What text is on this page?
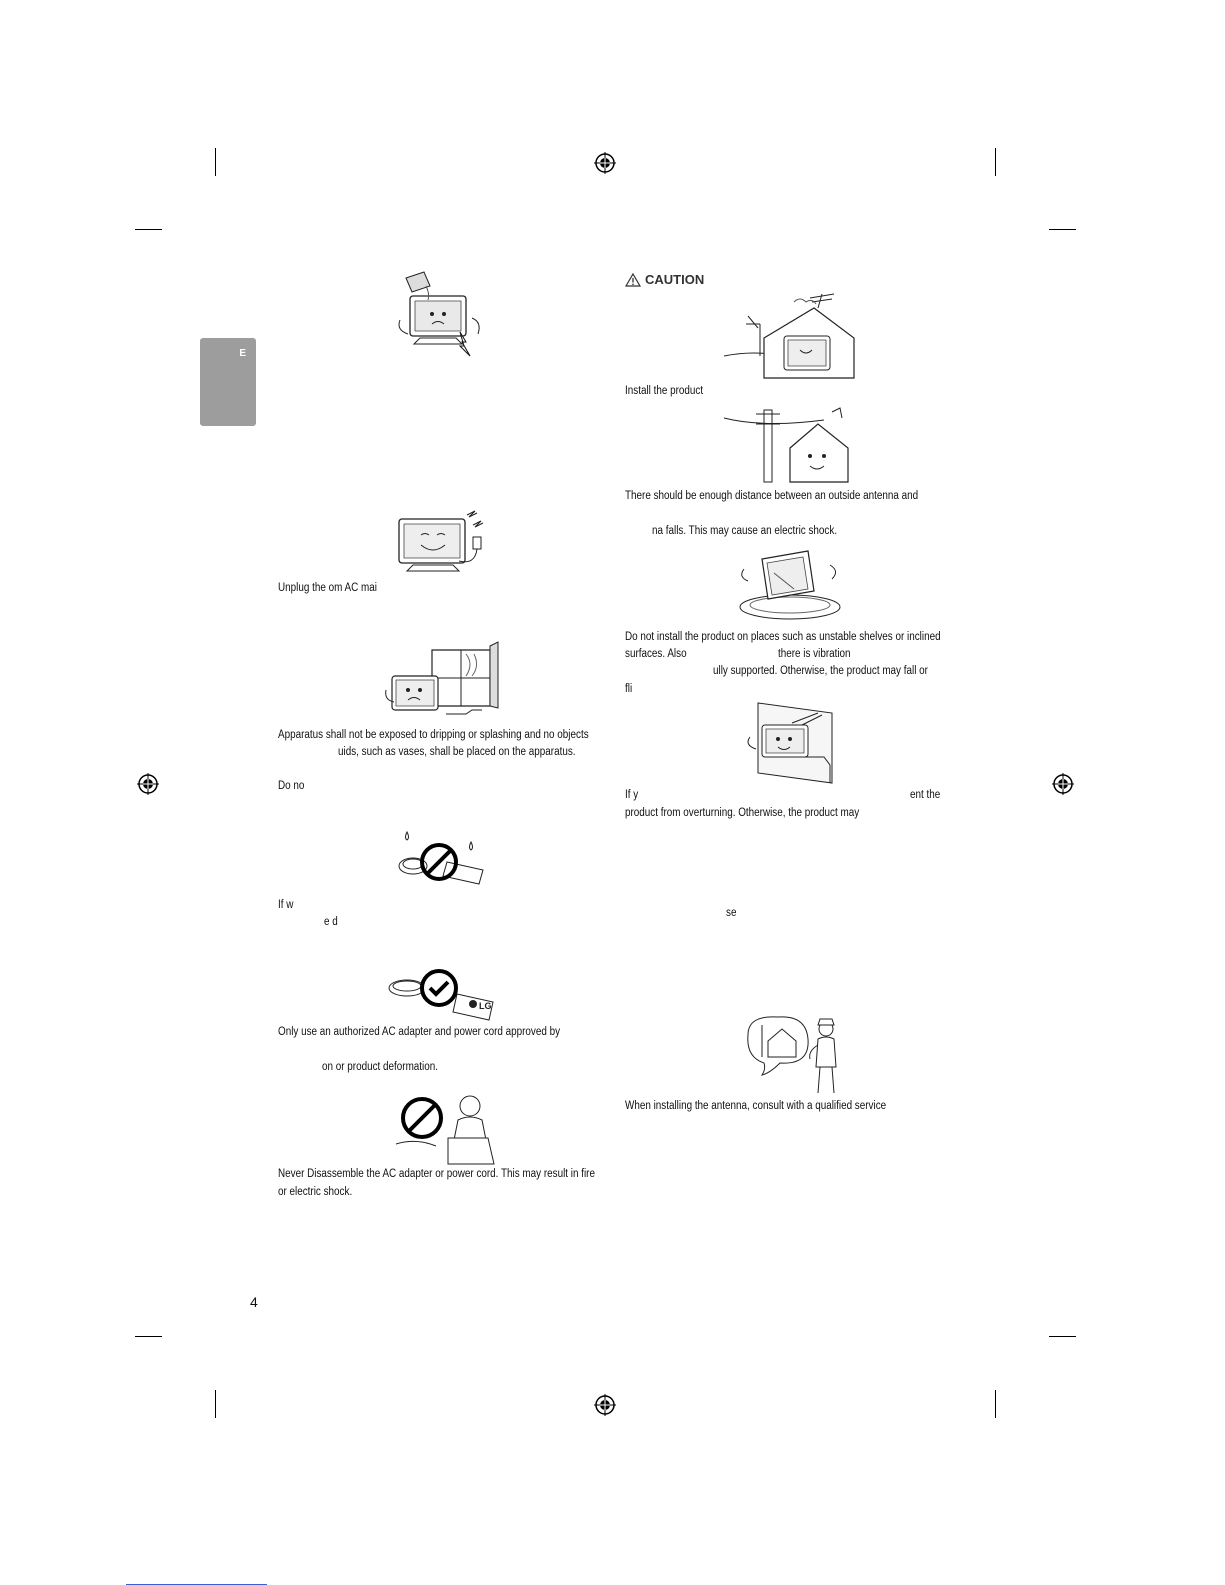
E
LG
Unplug the om AC mai
Apparatus shall not be exposed to dripping or splashing and no objects
uids, such as vases, shall be placed on the apparatus.
Do no
If w
e d
Only use an authorized AC adapter and power cord approved by
on or product deformation.
Never Disassemble the AC adapter or power cord. This may result in fire
or electric shock.
CAUTION
Install the product
There should be enough distance between an outside antenna and
na falls. This may cause an electric shock.
Do not install the product on places such as unstable shelves or inclined
surfaces. Also	there is vibration
ully supported. Otherwise, the product may fall or
fli
If y	ent the
product from overturning. Otherwise, the product may
se
When installing the antenna, consult with a qualified service
4
